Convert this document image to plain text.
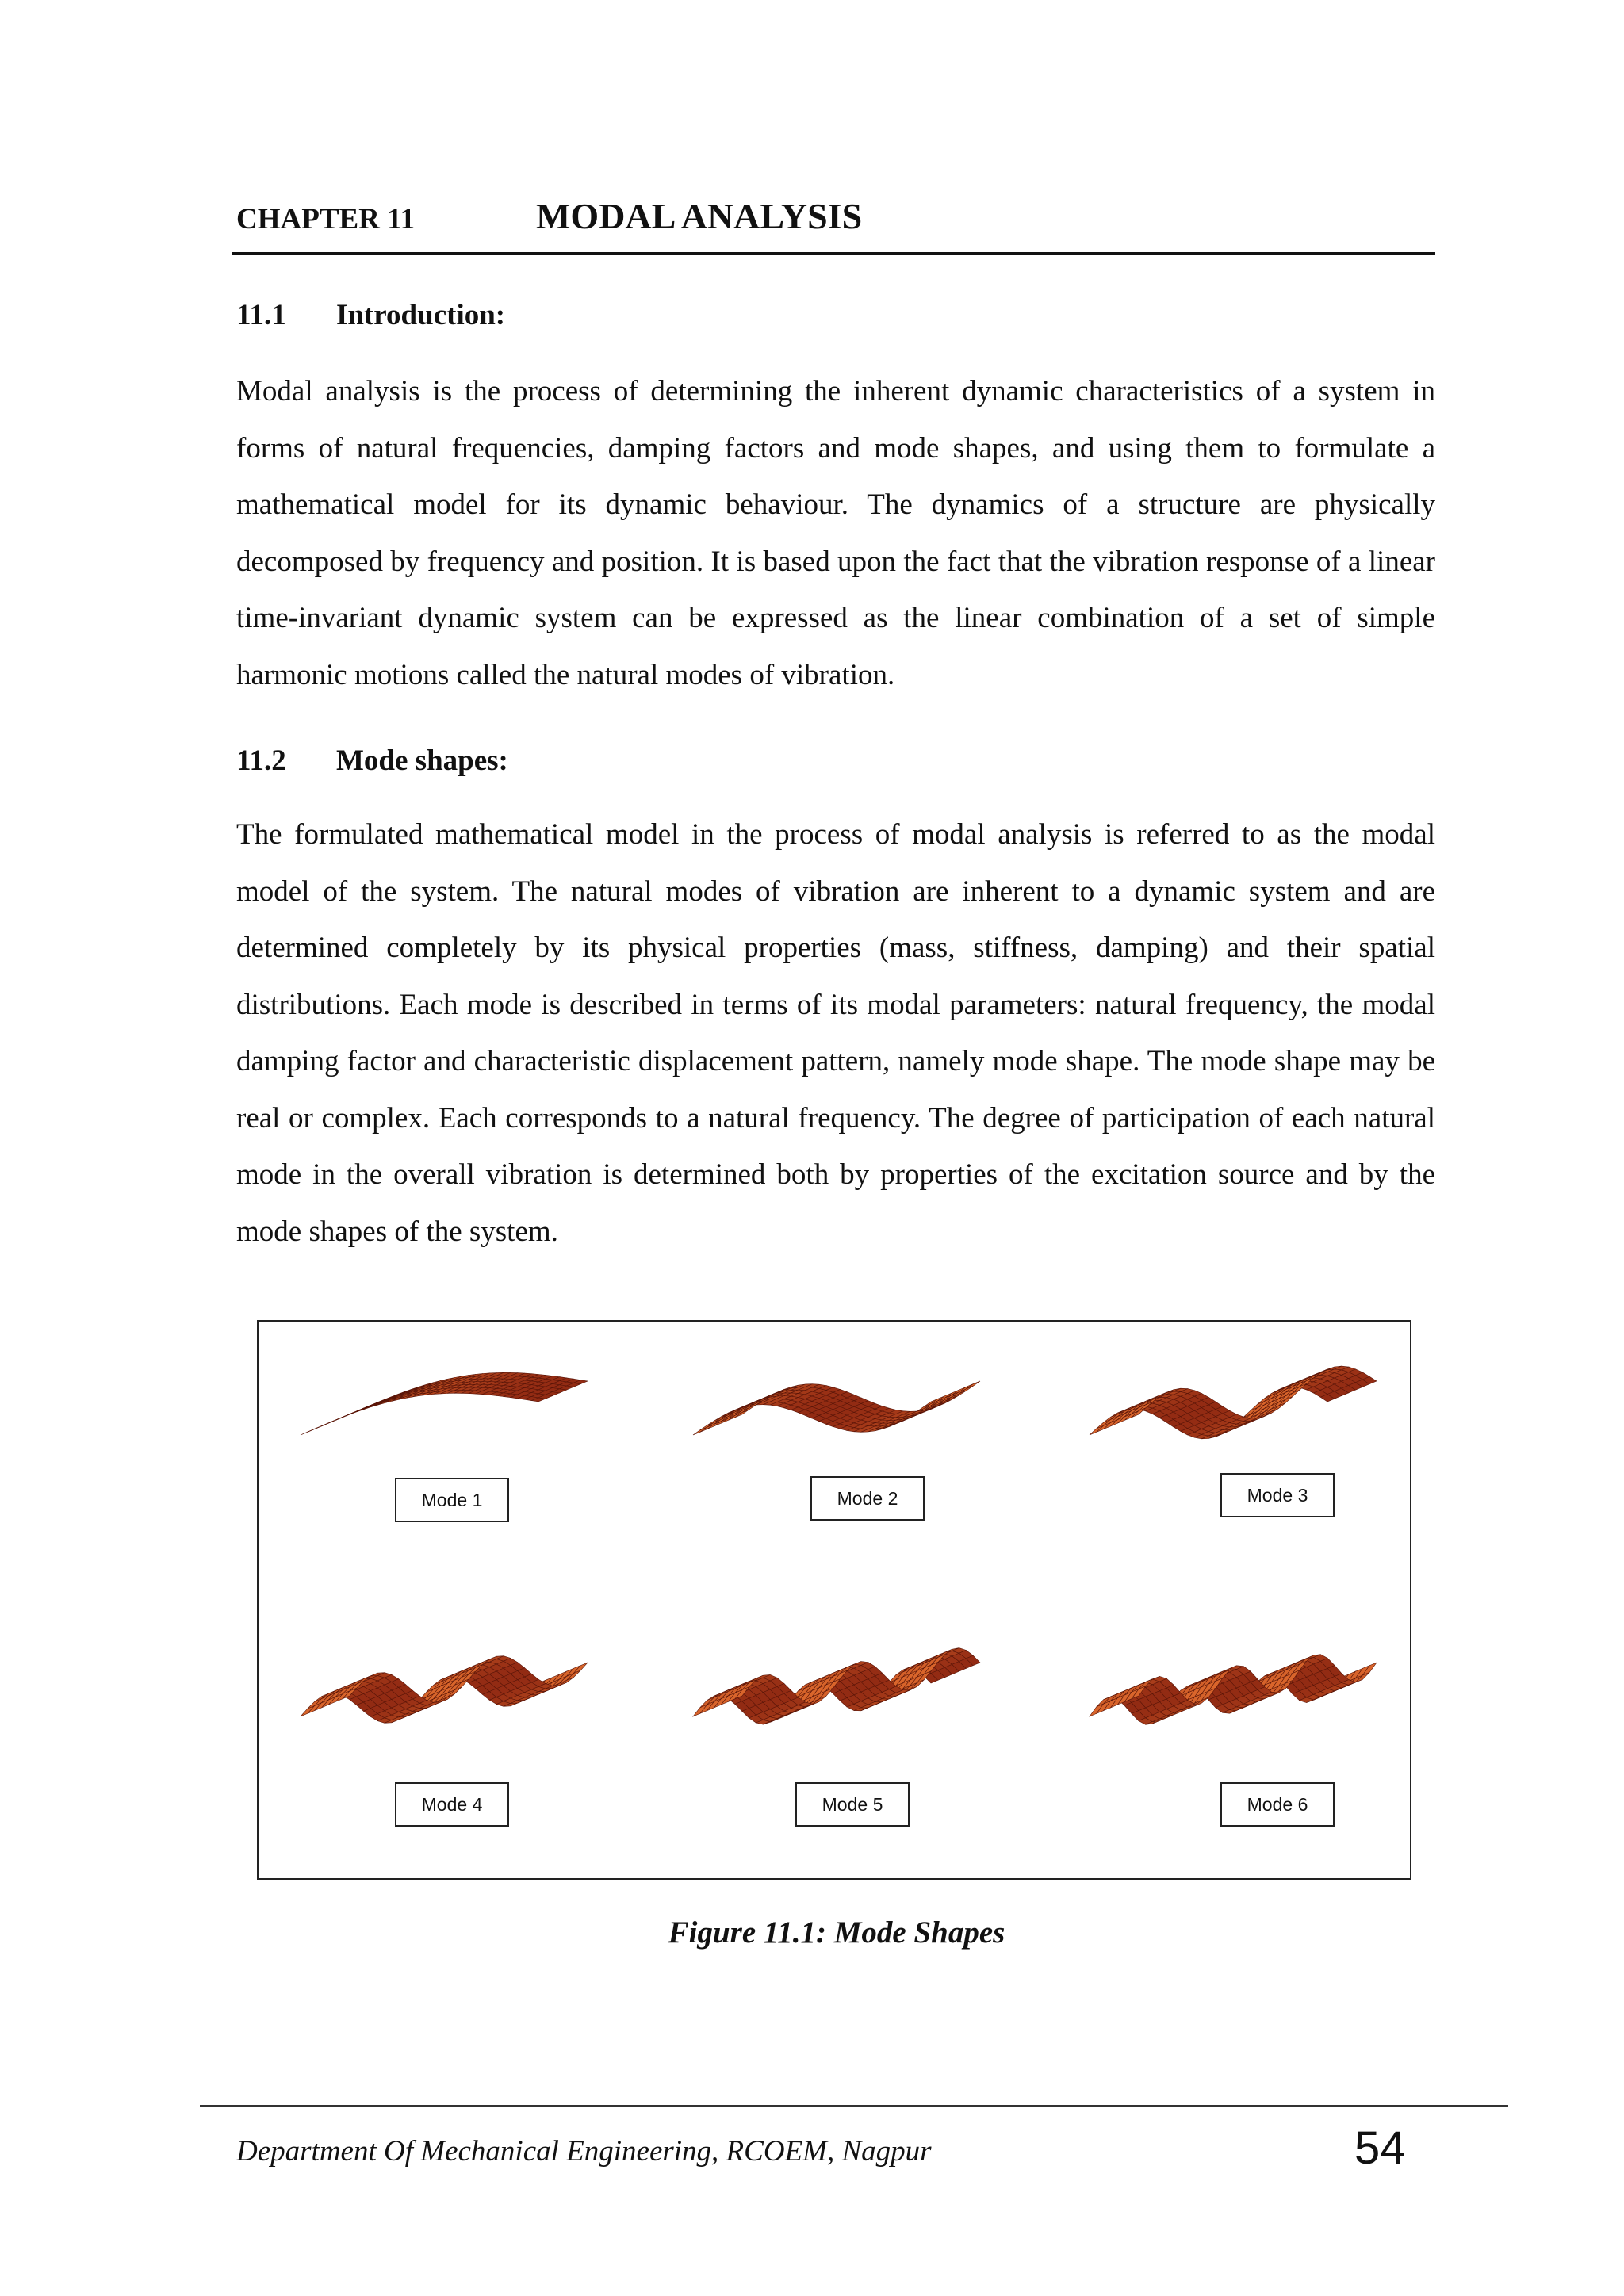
CHAPTER 11	MODAL ANALYSIS
11.1	Introduction:

Modal analysis is the process of determining the inherent dynamic characteristics of a system in forms of natural frequencies, damping factors and mode shapes, and using them to formulate a mathematical model for its dynamic behaviour. The dynamics of a structure are physically decomposed by frequency and position. It is based upon the fact that the vibration response of a linear time-invariant dynamic system can be expressed as the linear combination of a set of simple harmonic motions called the natural modes of vibration.

11.2	Mode shapes:

The formulated mathematical model in the process of modal analysis is referred to as the modal model of the system. The natural modes of vibration are inherent to a dynamic system and are determined completely by its physical properties (mass, stiffness, damping) and their spatial distributions. Each mode is described in terms of its modal parameters: natural frequency, the modal damping factor and characteristic displacement pattern, namely mode shape. The mode shape may be real or complex. Each corresponds to a natural frequency. The degree of participation of each natural mode in the overall vibration is determined both by properties of the excitation source and by the mode shapes of the system.

Mode 1	Mode 2	Mode 3
Mode 4	Mode 5	Mode 6
Figure 11.1: Mode Shapes
Department Of Mechanical Engineering, RCOEM, Nagpur	54
